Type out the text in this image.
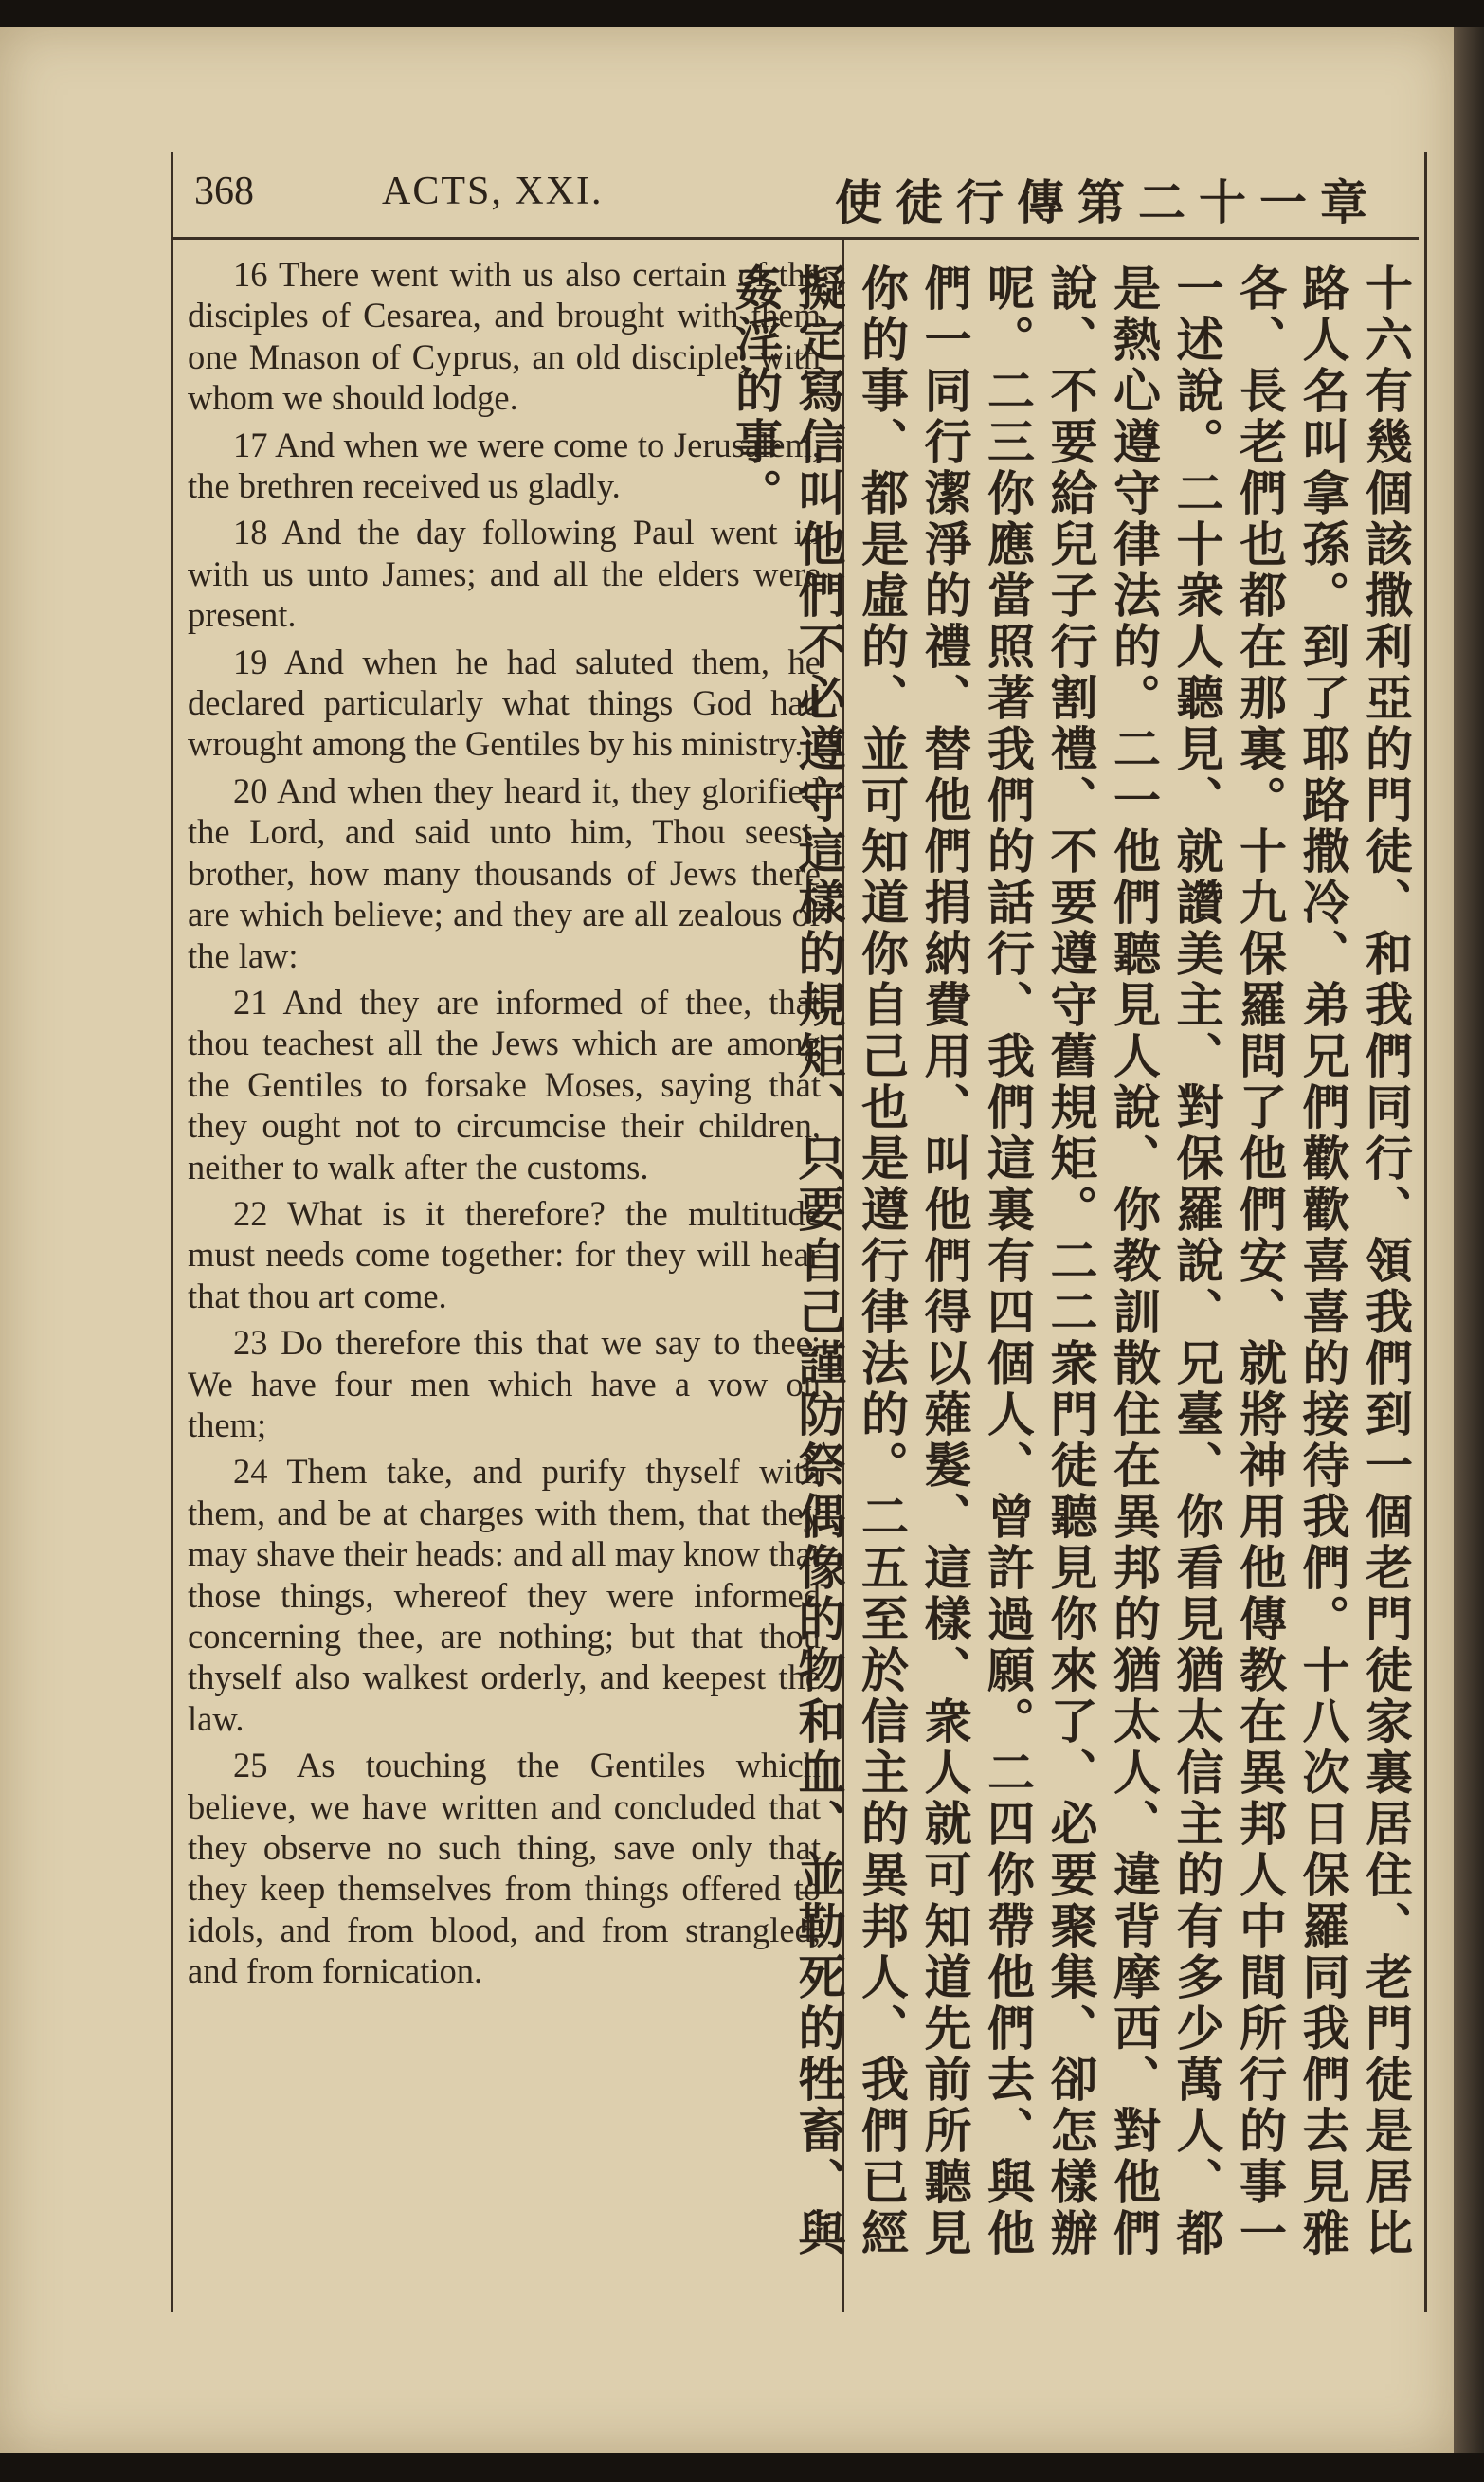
368	ACTS, XXI.	使徒行傳第二十一章

16 There went with us also certain of the disciples of Cesarea, and brought with them one Mnason of Cyprus, an old disciple, with whom we should lodge.

17 And when we were come to Jerusalem, the brethren received us gladly.

18 And the day following Paul went in with us unto James; and all the elders were present.

19 And when he had saluted them, he declared particularly what things God had wrought among the Gentiles by his ministry.

20 And when they heard it, they glorified the Lord, and said unto him, Thou seest, brother, how many thousands of Jews there are which believe; and they are all zealous of the law:

21 And they are informed of thee, that thou teachest all the Jews which are among the Gentiles to forsake Moses, saying that they ought not to circumcise their children, neither to walk after the customs.

22 What is it therefore? the multitude must needs come together: for they will hear that thou art come.

23 Do therefore this that we say to thee: We have four men which have a vow on them;

24 Them take, and purify thyself with them, and be at charges with them, that they may shave their heads: and all may know that those things, whereof they were informed concerning thee, are nothing; but that thou thyself also walkest orderly, and keepest the law.

25 As touching the Gentiles which believe, we have written and concluded that they observe no such thing, save only that they keep themselves from things offered to idols, and from blood, and from strangled, and from fornication.	十六有幾個該撒利亞的門徒、和我們同行、領我們到一個老門徒家裏居住、老門徒是居比路人名叫拿孫。到了耶路撒冷、弟兄們歡歡喜喜的接待我們。十八次日保羅同我們去見雅各、長老們也都在那裏。十九保羅問了他們安、就將神用他傳教在異邦人中間所行的事一一述說。二十衆人聽見、就讚美主、對保羅說、兄臺、你看見猶太信主的有多少萬人、都是熱心遵守律法的。二一他們聽見人說、你教訓散住在異邦的猶太人、違背摩西、對他們說、不要給兒子行割禮、不要遵守舊規矩。二二衆門徒聽見你來了、必要聚集、卻怎樣辦呢。二三你應當照著我們的話行、我們這裏有四個人、曾許過願。二四你帶他們去、與他們一同行潔淨的禮、替他們捐納費用、叫他們得以薙髮、這樣、衆人就可知道先前所聽見你的事、都是虛的、並可知道你自己也是遵行律法的。二五至於信主的異邦人、我們已經擬定寫信叫他們不必遵守這樣的規矩、只要自己謹防祭偶像的物和血、並勒死的牲畜、與姦淫的事。
